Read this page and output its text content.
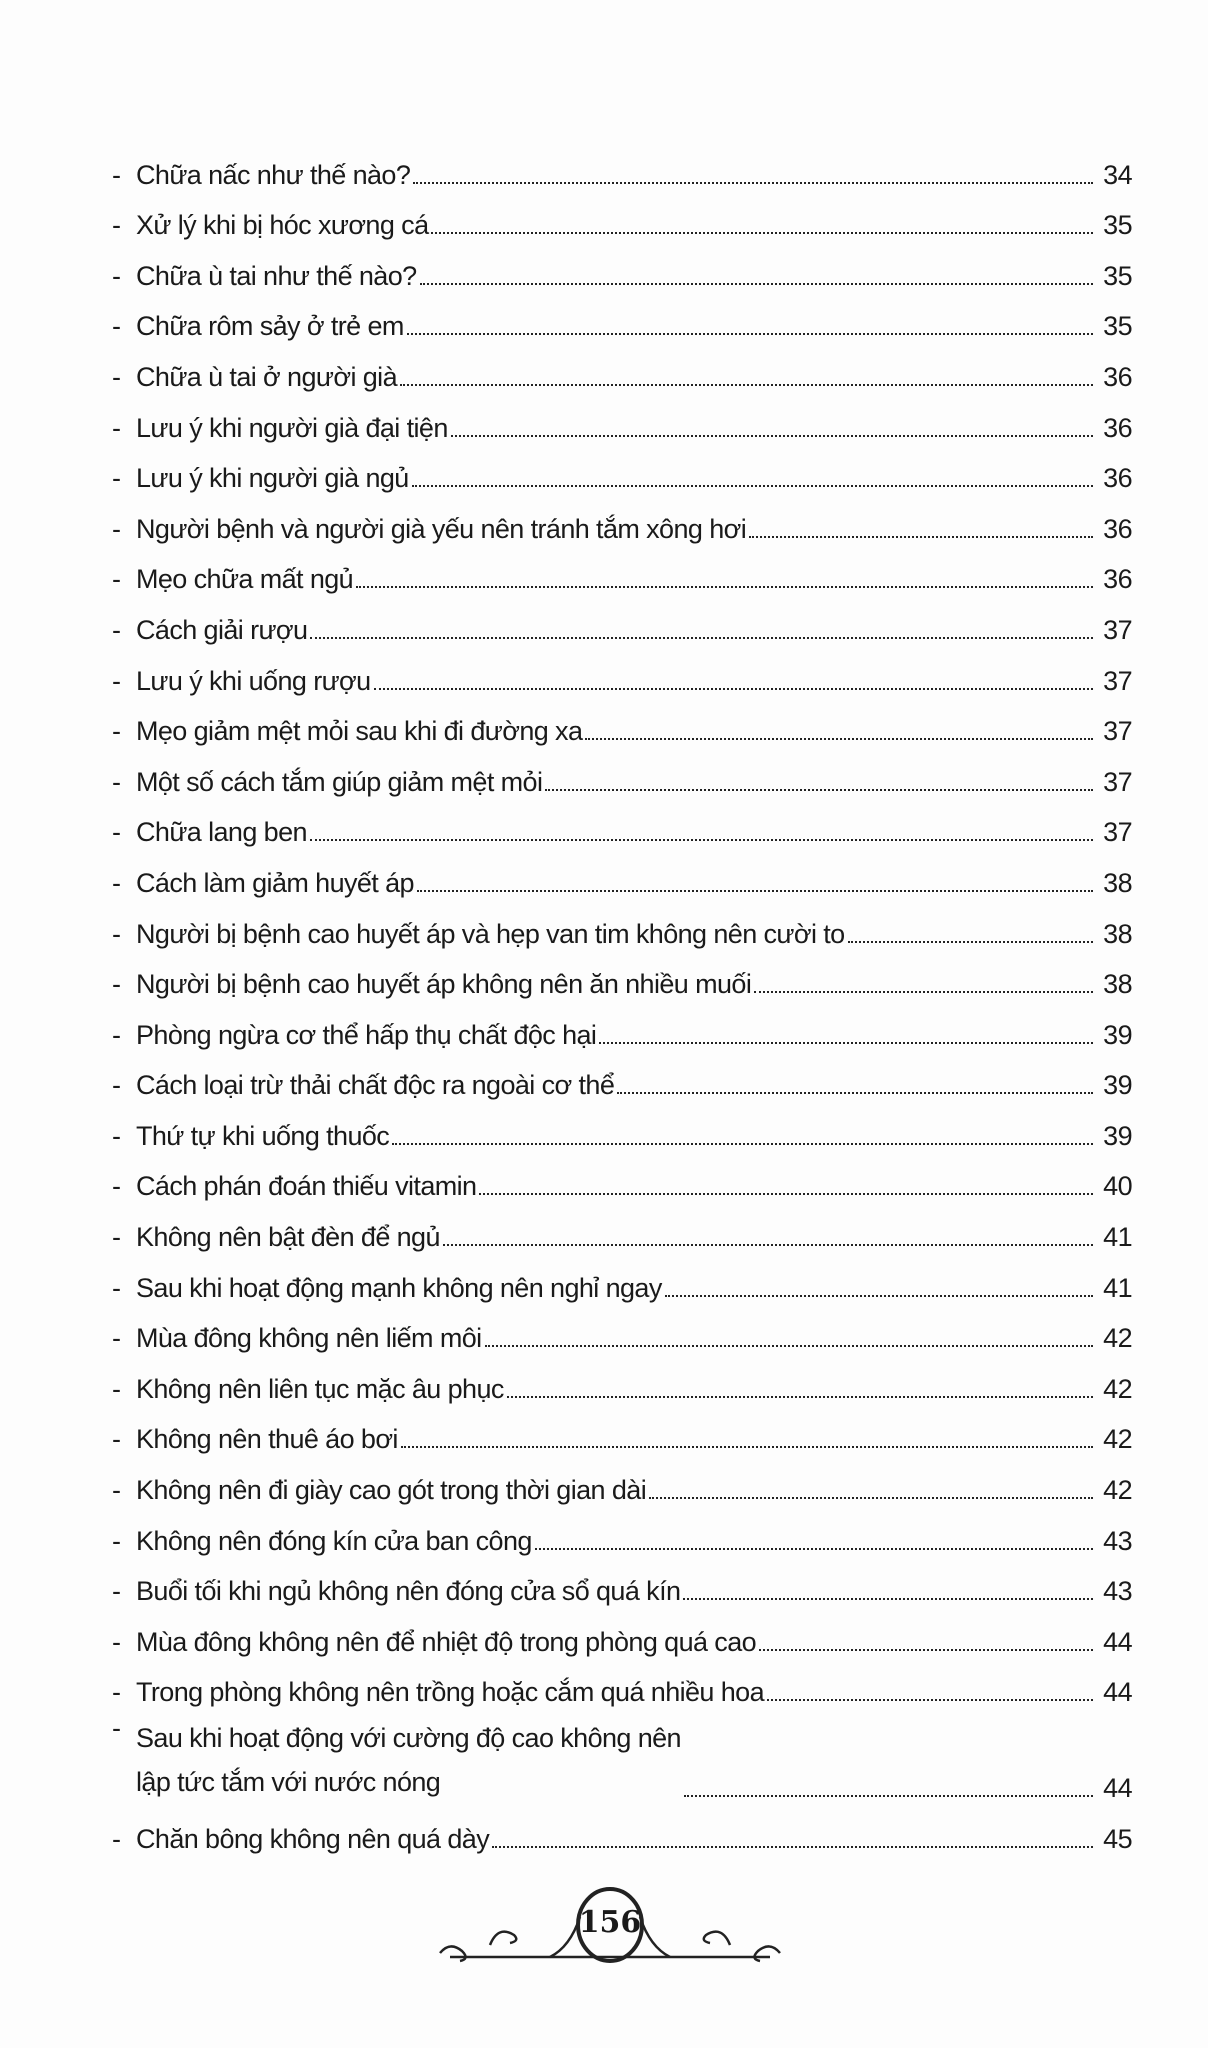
- Chữa nấc như thế nào?	34
- Xử lý khi bị hóc xương cá	35
- Chữa ù tai như thế nào?	35
- Chữa rôm sảy ở trẻ em	35
- Chữa ù tai ở người già	36
- Lưu ý khi người già đại tiện	36
- Lưu ý khi người già ngủ	36
- Người bệnh và người già yếu nên tránh tắm xông hơi	36
- Mẹo chữa mất ngủ	36
- Cách giải rượu	37
- Lưu ý khi uống rượu	37
- Mẹo giảm mệt mỏi sau khi đi đường xa	37
- Một số cách tắm giúp giảm mệt mỏi	37
- Chữa lang ben	37
- Cách làm giảm huyết áp	38
- Người bị bệnh cao huyết áp và hẹp van tim không nên cười to	38
- Người bị bệnh cao huyết áp không nên ăn nhiều muối	38
- Phòng ngừa cơ thể hấp thụ chất độc hại	39
- Cách loại trừ thải chất độc ra ngoài cơ thể	39
- Thứ tự khi uống thuốc	39
- Cách phán đoán thiếu vitamin	40
- Không nên bật đèn để ngủ	41
- Sau khi hoạt động mạnh không nên nghỉ ngay	41
- Mùa đông không nên liếm môi	42
- Không nên liên tục mặc âu phục	42
- Không nên thuê áo bơi	42
- Không nên đi giày cao gót trong thời gian dài	42
- Không nên đóng kín cửa ban công	43
- Buổi tối khi ngủ không nên đóng cửa sổ quá kín	43
- Mùa đông không nên để nhiệt độ trong phòng quá cao	44
- Trong phòng không nên trồng hoặc cắm quá nhiều hoa	44
- Sau khi hoạt động với cường độ cao không nên
lập tức tắm với nước nóng	44
- Chăn bông không nên quá dày	45
156
